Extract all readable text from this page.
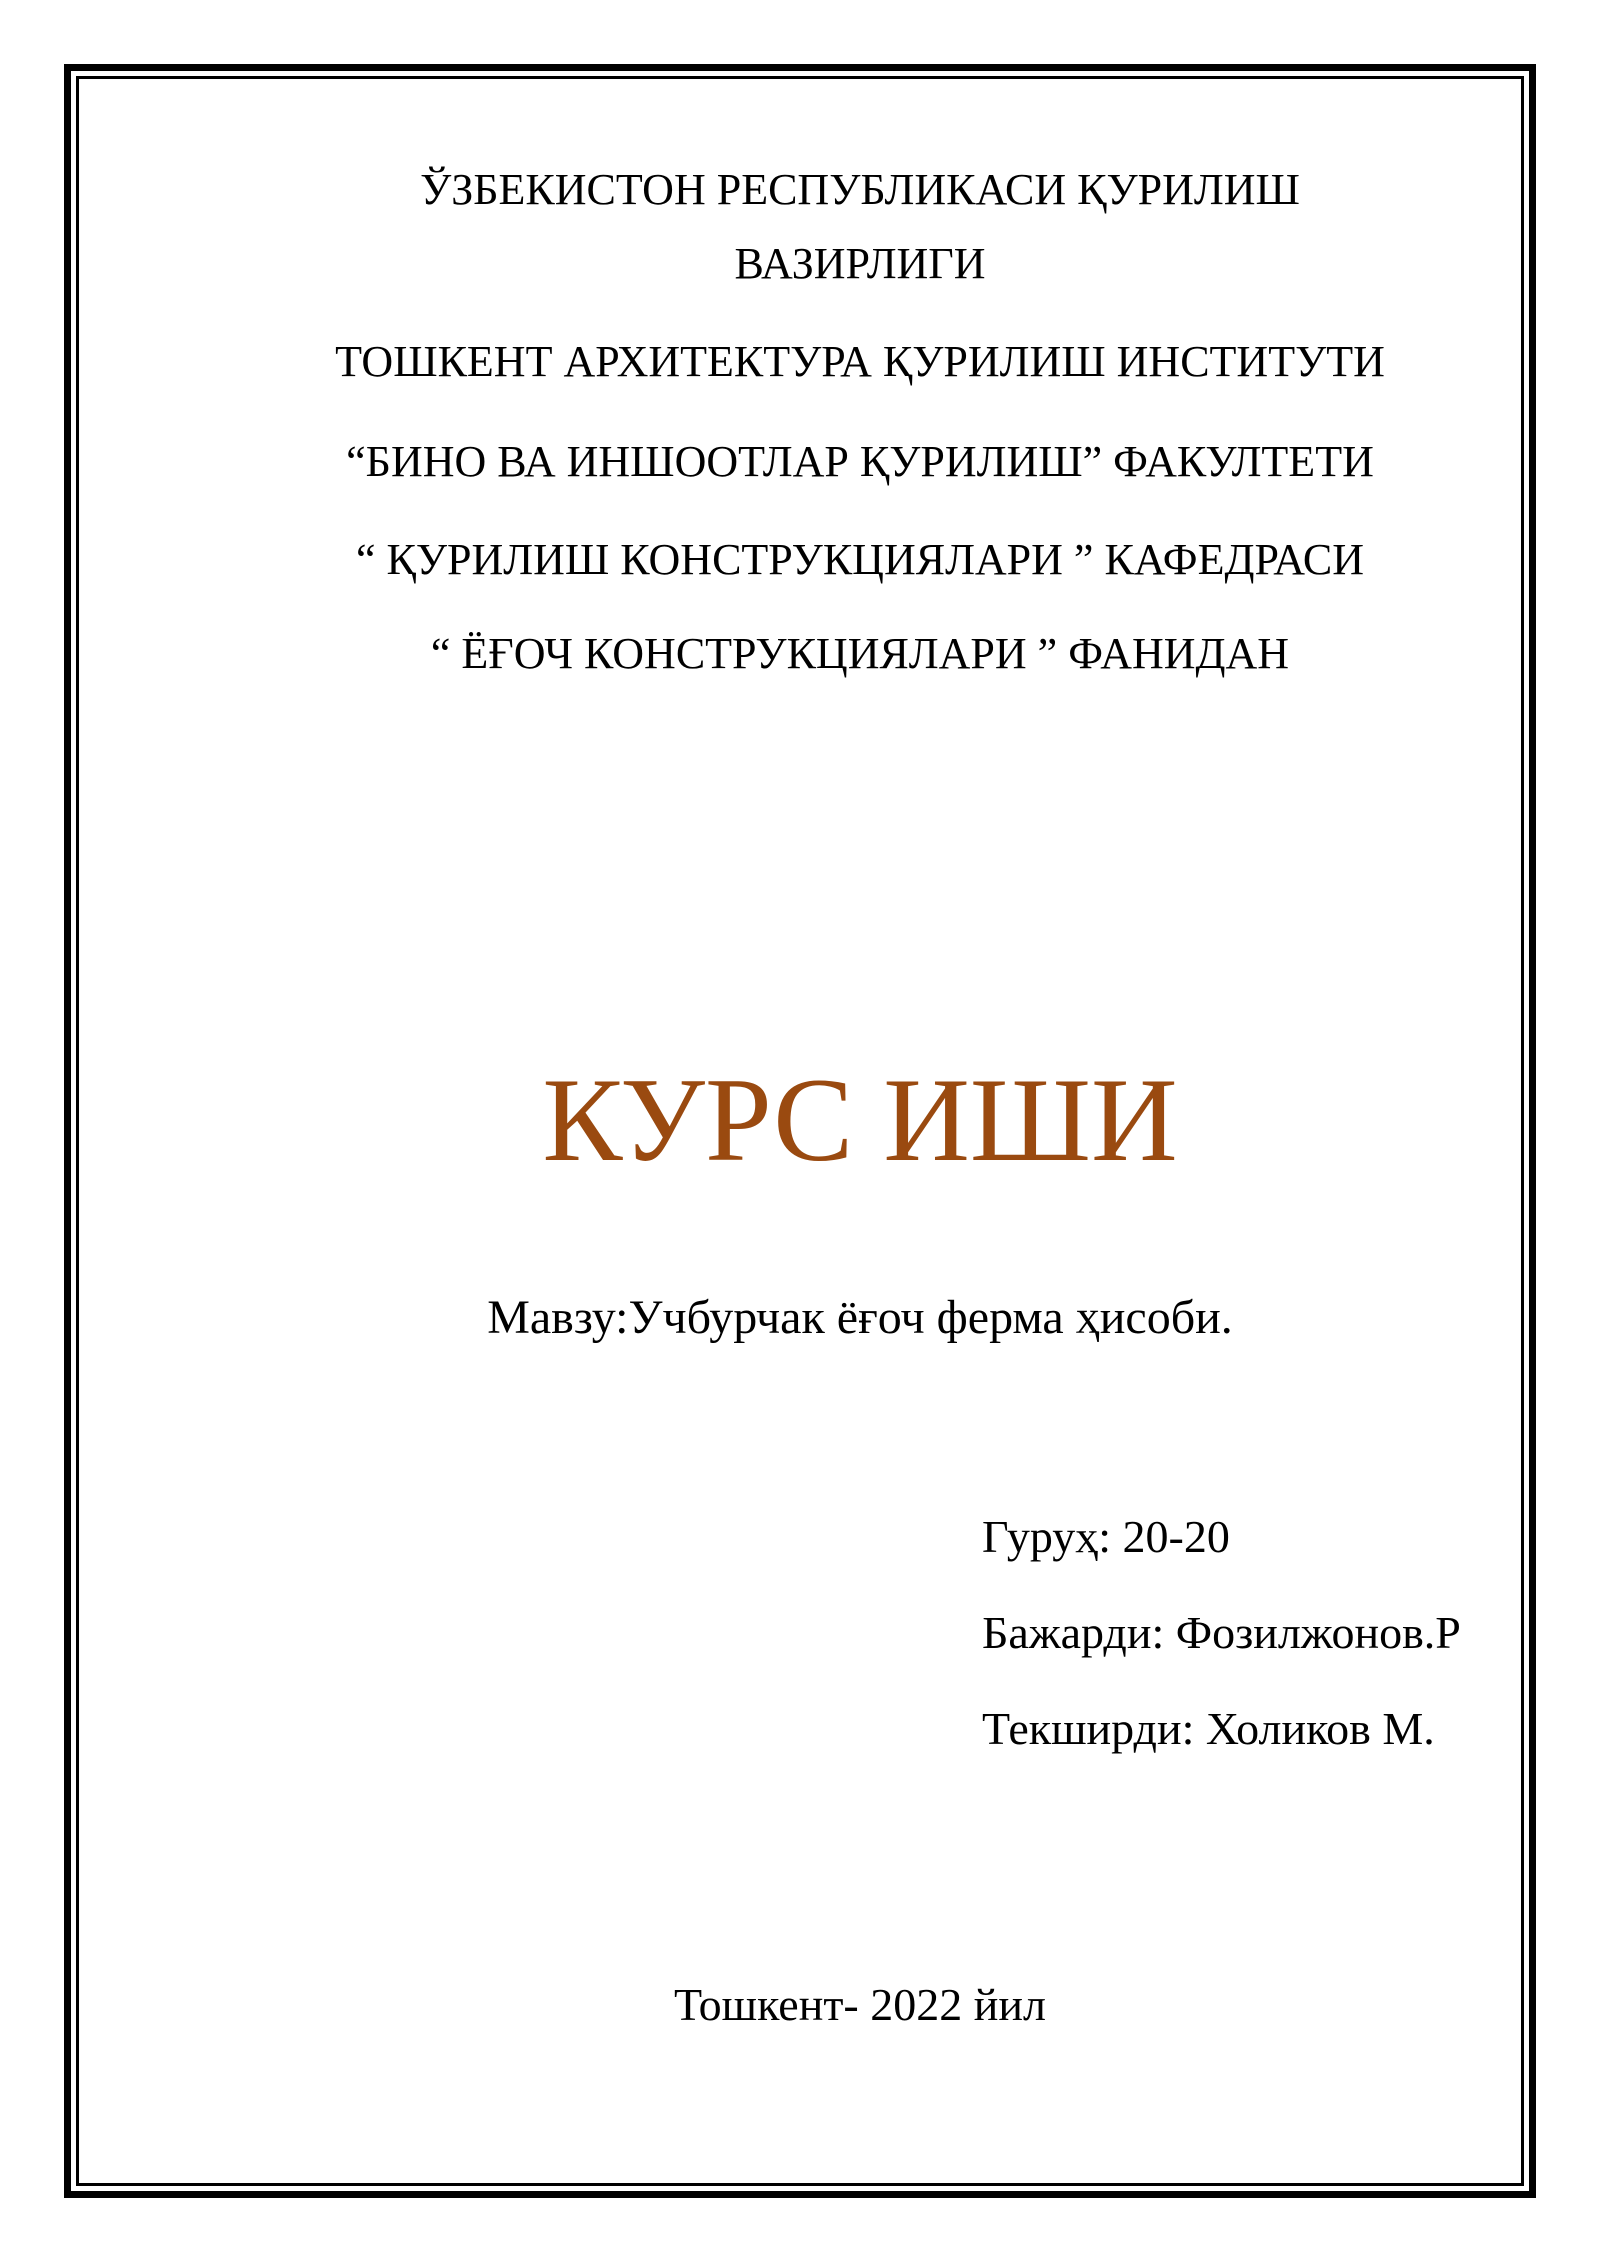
ЎЗБЕКИСТОН РЕСПУБЛИКАСИ ҚУРИЛИШ
ВАЗИРЛИГИ
ТОШКЕНТ АРХИТЕКТУРА ҚУРИЛИШ ИНСТИТУТИ
“БИНО ВА ИНШООТЛАР ҚУРИЛИШ” ФАКУЛТЕТИ
“ ҚУРИЛИШ КОНСТРУКЦИЯЛАРИ ” КАФЕДРАСИ
“ ЁҒОЧ КОНСТРУКЦИЯЛАРИ ” ФАНИДАН
КУРС ИШИ
Мавзу:Учбурчак ёғоч ферма ҳисоби.
Гуруҳ: 20-20
Бажарди: Фозилжонов.Р
Текширди: Холиков М.
Тошкент- 2022 йил
